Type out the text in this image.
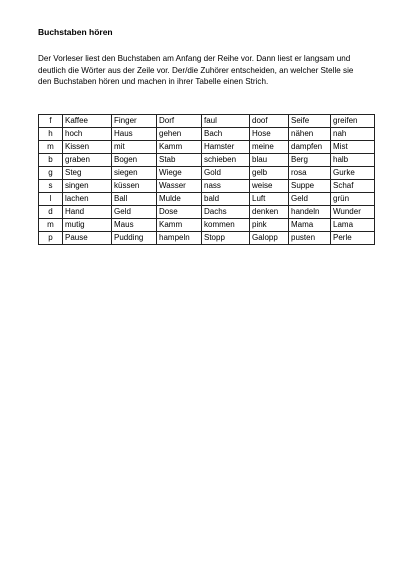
Buchstaben hören

Der Vorleser liest den Buchstaben am Anfang der Reihe vor. Dann liest er langsam und deutlich die Wörter aus der Zeile vor. Der/die Zuhörer entscheiden, an welcher Stelle sie den Buchstaben hören und machen in ihrer Tabelle einen Strich.

f	Kaffee	Finger	Dorf	faul	doof	Seife	greifen
h	hoch	Haus	gehen	Bach	Hose	nähen	nah
m	Kissen	mit	Kamm	Hamster	meine	dampfen	Mist
b	graben	Bogen	Stab	schieben	blau	Berg	halb
g	Steg	siegen	Wiege	Gold	gelb	rosa	Gurke
s	singen	küssen	Wasser	nass	weise	Suppe	Schaf
l	lachen	Ball	Mulde	bald	Luft	Geld	grün
d	Hand	Geld	Dose	Dachs	denken	handeln	Wunder
m	mutig	Maus	Kamm	kommen	pink	Mama	Lama
p	Pause	Pudding	hampeln	Stopp	Galopp	pusten	Perle
